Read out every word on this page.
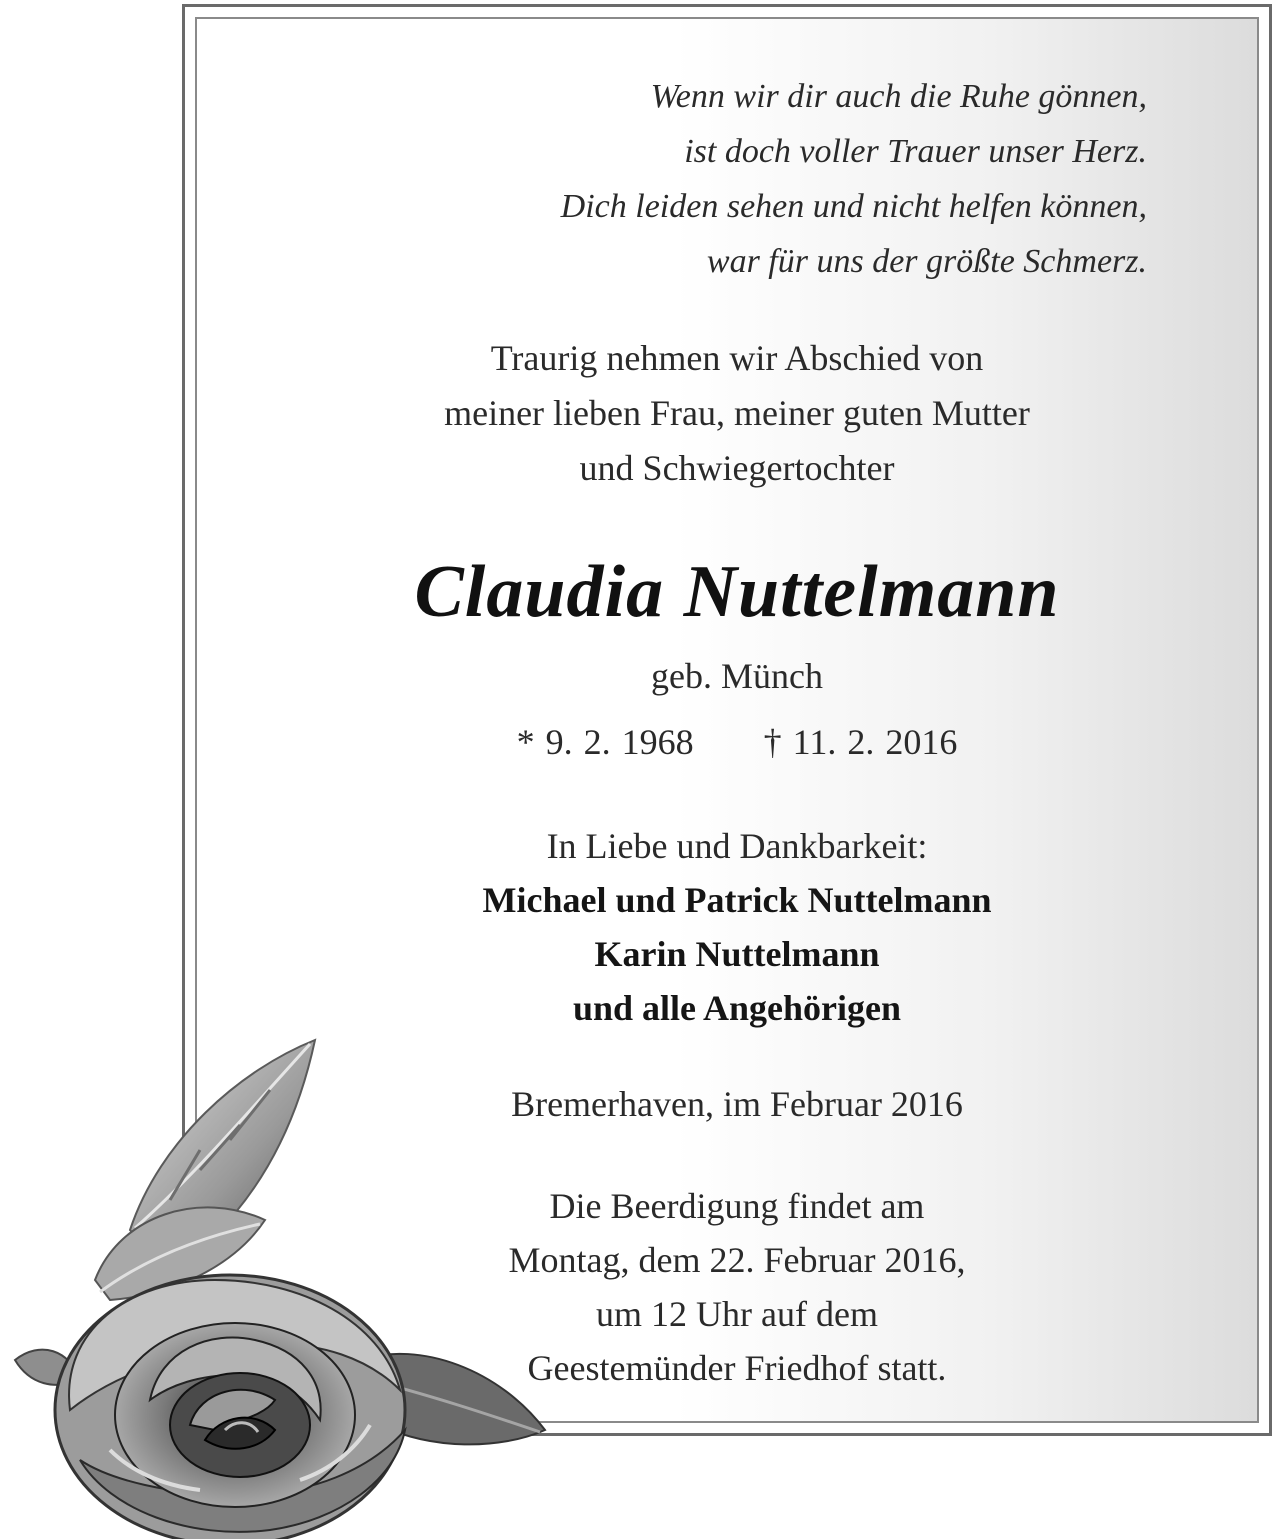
Wenn wir dir auch die Ruhe gönnen,
ist doch voller Trauer unser Herz.
Dich leiden sehen und nicht helfen können,
war für uns der größte Schmerz.
Traurig nehmen wir Abschied von
meiner lieben Frau, meiner guten Mutter
und Schwiegertochter
Claudia Nuttelmann
geb. Münch
* 9. 2. 1968 † 11. 2. 2016
In Liebe und Dankbarkeit:
Michael und Patrick Nuttelmann
Karin Nuttelmann
und alle Angehörigen
Bremerhaven, im Februar 2016
Die Beerdigung findet am
Montag, dem 22. Februar 2016,
um 12 Uhr auf dem
Geestemünder Friedhof statt.
